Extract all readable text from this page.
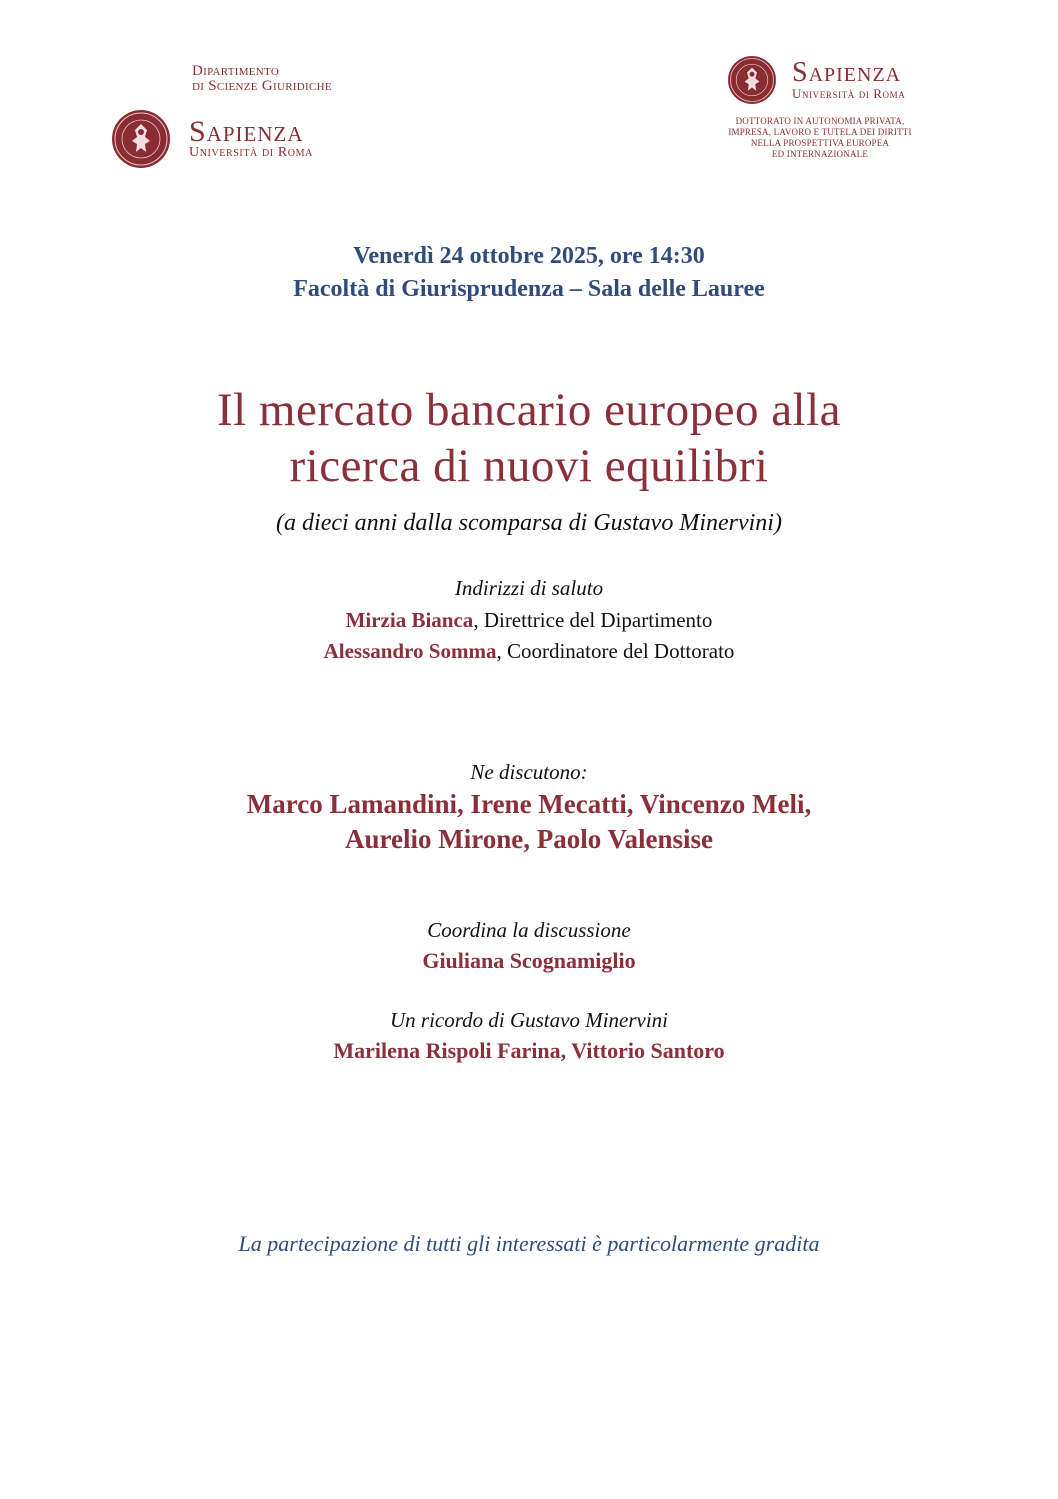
Dipartimento
di Scienze Giuridiche
Sapienza
Università di Roma
Sapienza
Università di Roma
DOTTORATO IN AUTONOMIA PRIVATA,
IMPRESA, LAVORO E TUTELA DEI DIRITTI
NELLA PROSPETTIVA EUROPEA
ED INTERNAZIONALE
Venerdì 24 ottobre 2025, ore 14:30
Facoltà di Giurisprudenza – Sala delle Lauree
Il mercato bancario europeo alla
ricerca di nuovi equilibri
(a dieci anni dalla scomparsa di Gustavo Minervini)
Indirizzi di saluto
Mirzia Bianca, Direttrice del Dipartimento
Alessandro Somma, Coordinatore del Dottorato
Ne discutono:
Marco Lamandini, Irene Mecatti, Vincenzo Meli,
Aurelio Mirone, Paolo Valensise
Coordina la discussione
Giuliana Scognamiglio
Un ricordo di Gustavo Minervini
Marilena Rispoli Farina, Vittorio Santoro
La partecipazione di tutti gli interessati è particolarmente gradita
